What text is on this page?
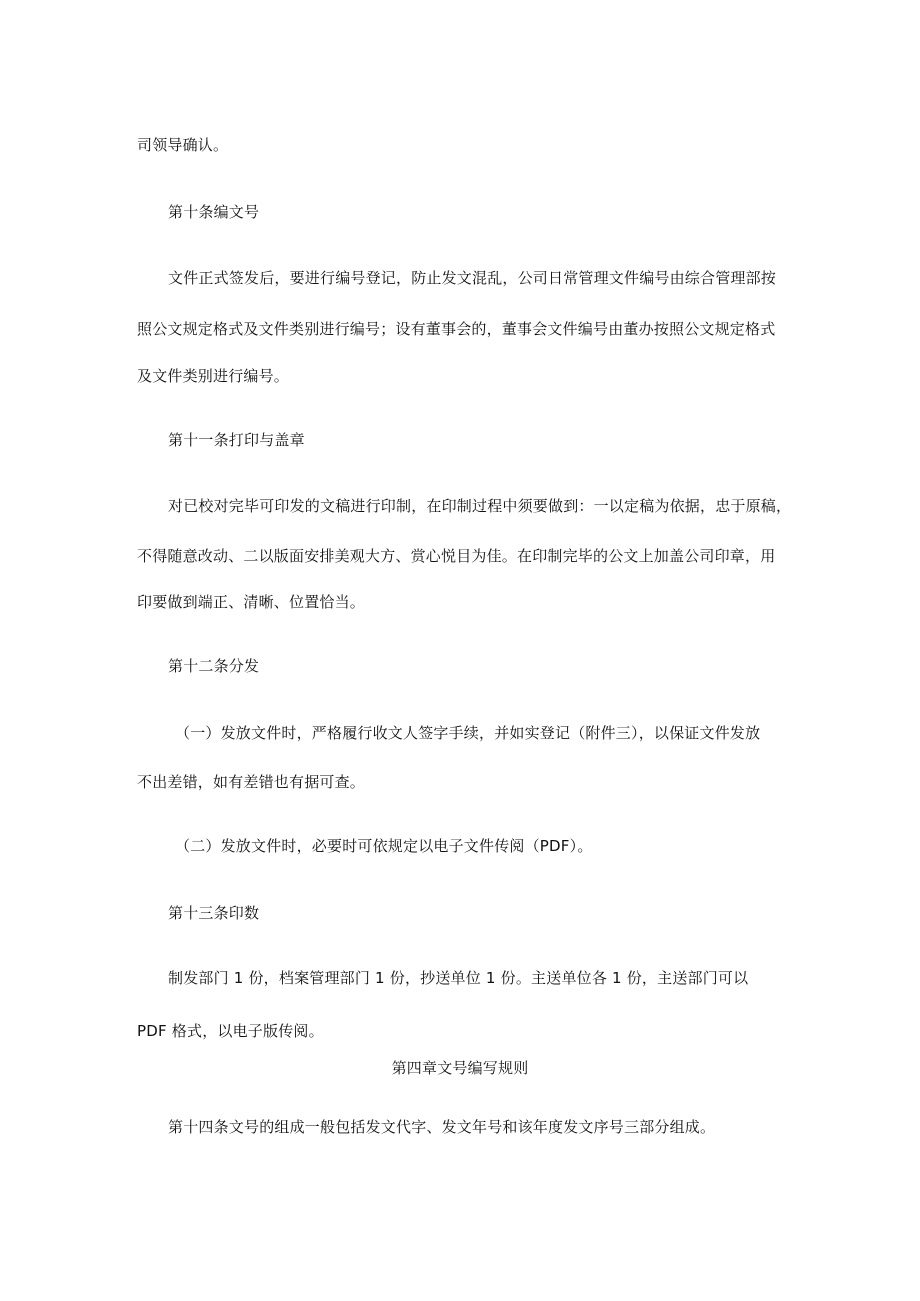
司领导确认。
第十条编文号
文件正式签发后，要进行编号登记，防止发文混乱，公司日常管理文件编号由综合管理部按
照公文规定格式及文件类别进行编号；设有董事会的，董事会文件编号由董办按照公文规定格式
及文件类别进行编号。
第十一条打印与盖章
对已校对完毕可印发的文稿进行印制，在印制过程中须要做到：一以定稿为依据，忠于原稿，
不得随意改动、二以版面安排美观大方、赏心悦目为佳。在印制完毕的公文上加盖公司印章，用
印要做到端正、清晰、位置恰当。
第十二条分发
（一）发放文件时，严格履行收文人签字手续，并如实登记（附件三），以保证文件发放
不出差错，如有差错也有据可查。
（二）发放文件时，必要时可依规定以电子文件传阅（PDF）。
第十三条印数
制发部门 1 份，档案管理部门 1 份，抄送单位 1 份。主送单位各 1 份，主送部门可以
PDF 格式，以电子版传阅。
第四章文号编写规则
第十四条文号的组成一般包括发文代字、发文年号和该年度发文序号三部分组成。
